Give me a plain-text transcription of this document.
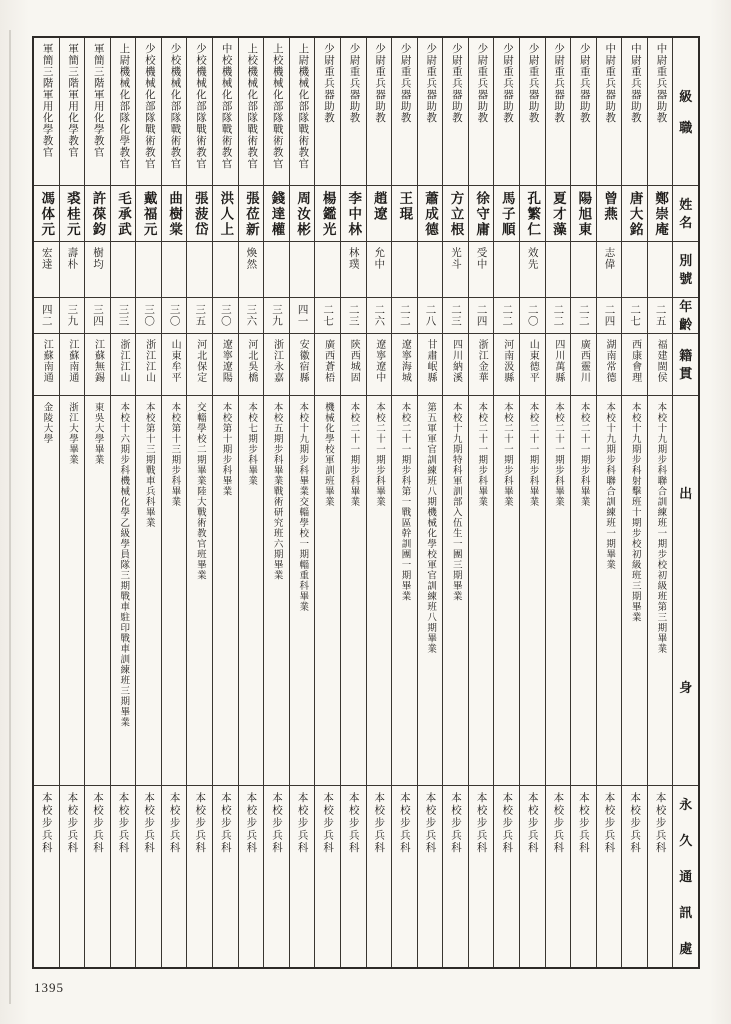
軍簡三階軍用化學教官
馮体元
宏達
四二
江蘇南通
金陵大學
本校步兵科
軍簡三階軍用化學教官
裘桂元
壽朴
三九
江蘇南通
浙江大學畢業
本校步兵科
軍簡三階軍用化學教官
許葆鈞
樹均
三四
江蘇無錫
東吳大學畢業
本校步兵科
上尉機械化部隊化學教官
毛承武
三三
浙江江山
本校十六期步科機械化學乙級學員隊三期戰車駐印戰車訓練班三期畢業
本校步兵科
少校機械化部隊戰術教官
戴福元
三〇
浙江江山
本校第十三期戰車兵科畢業
本校步兵科
少校機械化部隊戰術教官
曲樹棠
三〇
山東牟平
本校第十三期步科畢業
本校步兵科
少校機械化部隊戰術教官
張菠岱
三五
河北保定
交輜學校二期畢業陸大戰術教官班畢業
本校步兵科
中校機械化部隊戰術教官
洪人上
三〇
遼寧遼陽
本校第十期步科畢業
本校步兵科
上校機械化部隊戰術教官
張莅新
煥然
三六
河北吳橋
本校七期步科畢業
本校步兵科
上校機械化部隊戰術教官
錢達權
三九
浙江永嘉
本校五期步科畢業戰術研究班六期畢業
本校步兵科
上尉機械化部隊戰術教官
周汝彬
四一
安徽宿縣
本校十九期步科畢業交輜學校一期輜重科畢業
本校步兵科
少尉重兵器助教
楊鑑光
二七
廣西蒼梧
機械化學校軍訓班畢業
本校步兵科
少尉重兵器助教
李中林
林璞
二三
陝西城固
本校二十一期步科畢業
本校步兵科
少尉重兵器助教
趙遼
允中
二六
遼寧遼中
本校二十一期步科畢業
本校步兵科
少尉重兵器助教
王琨
二二
遼寧海城
本校二十一期步科第一戰區幹訓團一期畢業
本校步兵科
少尉重兵器助教
蕭成德
二八
甘肅岷縣
第五軍軍官訓練班八期機械化學校軍官訓練班八期畢業
本校步兵科
少尉重兵器助教
方立根
光斗
二三
四川納溪
本校十九期特科軍訓部入伍生一團三期畢業
本校步兵科
少尉重兵器助教
徐守庸
受中
二四
浙江金華
本校二十一期步科畢業
本校步兵科
少尉重兵器助教
馬子順
二二
河南汲縣
本校二十一期步科畢業
本校步兵科
少尉重兵器助教
孔繁仁
效先
二〇
山東德平
本校二十一期步科畢業
本校步兵科
少尉重兵器助教
夏才藻
二二
四川萬縣
本校二十一期步科畢業
本校步兵科
少尉重兵器助教
陽旭東
二二
廣西靈川
本校二十一期步科畢業
本校步兵科
中尉重兵器助教
曾燕
志偉
二四
湖南常德
本校十九期步科聯合訓練班一期畢業
本校步兵科
中尉重兵器助教
唐大銘
二七
西康會理
本校十九期步科射擊班十期步校初級班三期畢業
本校步兵科
中尉重兵器助教
鄭崇庵
二五
福建閩侯
本校十九期步科聯合訓練班一期步校初級班第三期畢業
本校步兵科
級
職
姓
名
別
號
年
齡
籍
貫
出
身
永
久
通
訊
處
1395
